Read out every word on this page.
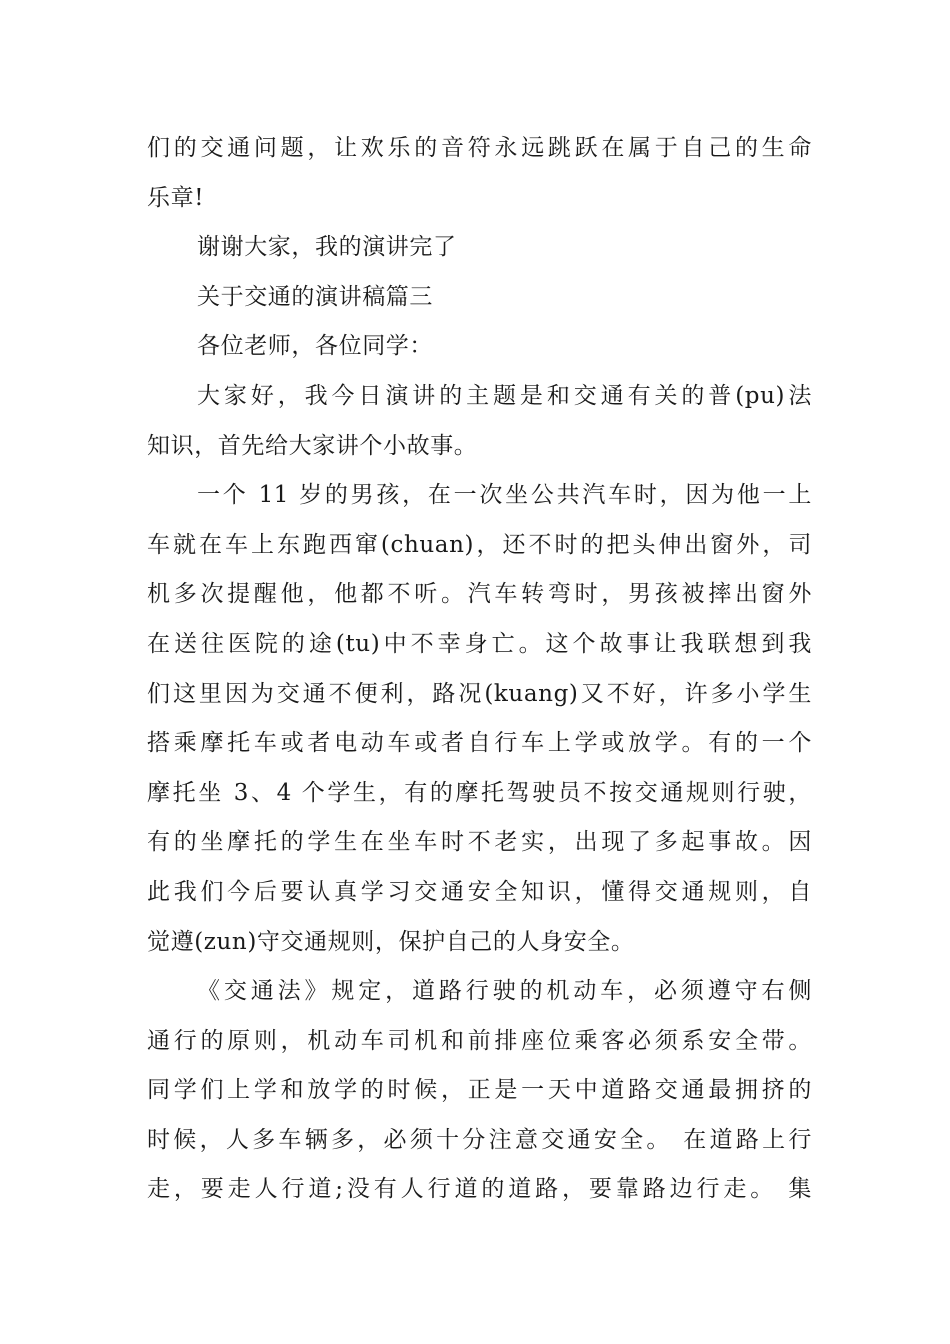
们的交通问题，让欢乐的音符永远跳跃在属于自己的生命
乐章!
谢谢大家，我的演讲完了
关于交通的演讲稿篇三
各位老师，各位同学：
大家好，我今日演讲的主题是和交通有关的普(pu)法
知识，首先给大家讲个小故事。
一个 11 岁的男孩，在一次坐公共汽车时，因为他一上
车就在车上东跑西窜(chuan)，还不时的把头伸出窗外，司
机多次提醒他，他都不听。汽车转弯时，男孩被摔出窗外
在送往医院的途(tu)中不幸身亡。这个故事让我联想到我
们这里因为交通不便利，路况(kuang)又不好，许多小学生
搭乘摩托车或者电动车或者自行车上学或放学。有的一个
摩托坐 3、4 个学生，有的摩托驾驶员不按交通规则行驶，
有的坐摩托的学生在坐车时不老实，出现了多起事故。因
此我们今后要认真学习交通安全知识，懂得交通规则，自
觉遵(zun)守交通规则，保护自己的人身安全。
《交通法》规定，道路行驶的机动车，必须遵守右侧
通行的原则，机动车司机和前排座位乘客必须系安全带。
同学们上学和放学的时候，正是一天中道路交通最拥挤的
时候，人多车辆多，必须十分注意交通安全。 在道路上行
走，要走人行道;没有人行道的道路，要靠路边行走。 集
